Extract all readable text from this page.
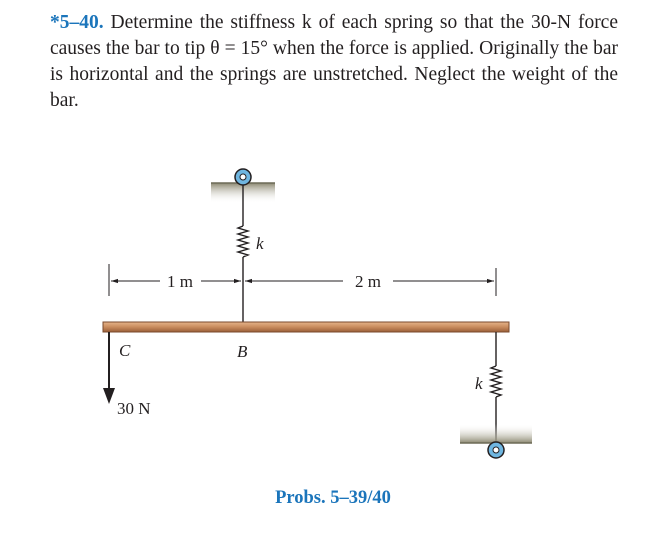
*5–40. Determine the stiffness k of each spring so that the 30-N force causes the bar to tip θ = 15° when the force is applied. Originally the bar is horizontal and the springs are unstretched. Neglect the weight of the bar.

1 m	2 m
C	B
k
30 N
k
Probs. 5–39/40
